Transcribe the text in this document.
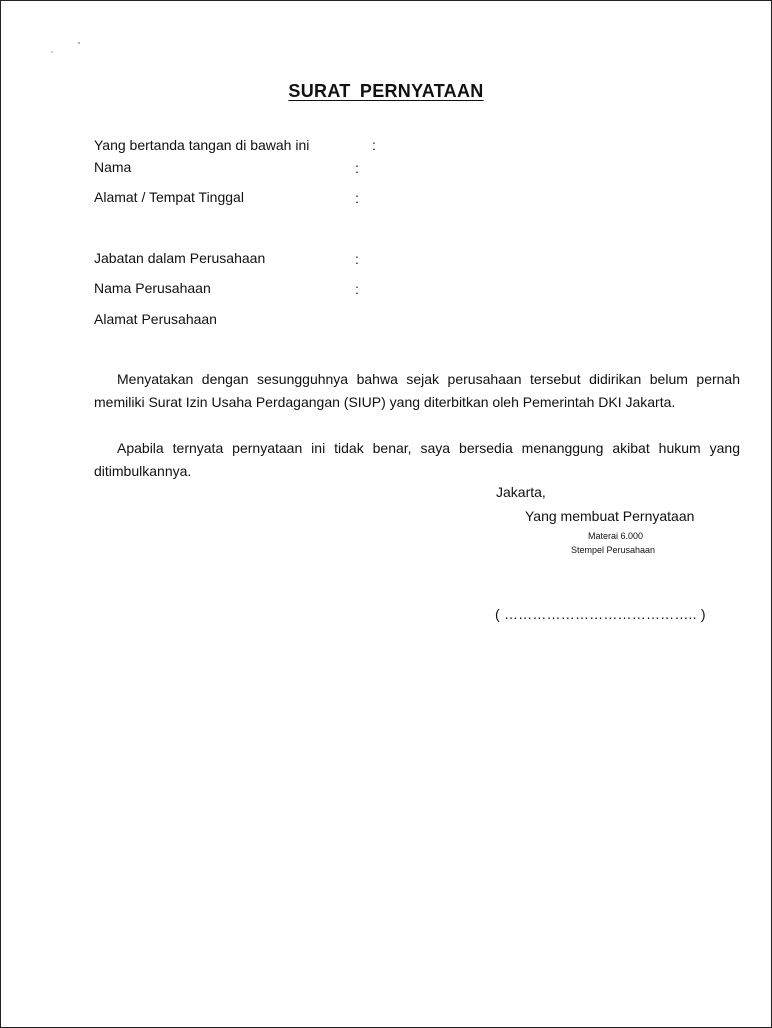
SURAT PERNYATAAN
Yang bertanda tangan di bawah ini	:
Nama	:
Alamat / Tempat Tinggal	:
Jabatan dalam Perusahaan	:
Nama Perusahaan	:
Alamat Perusahaan

Menyatakan dengan sesungguhnya bahwa sejak perusahaan tersebut didirikan belum pernah memiliki Surat Izin Usaha Perdagangan (SIUP) yang diterbitkan oleh Pemerintah DKI Jakarta.

Apabila ternyata pernyataan ini tidak benar, saya bersedia menanggung akibat hukum yang ditimbulkannya.

Jakarta,
Yang membuat Pernyataan
Materai 6.000
Stempel Perusahaan
( ………………………………….. )
